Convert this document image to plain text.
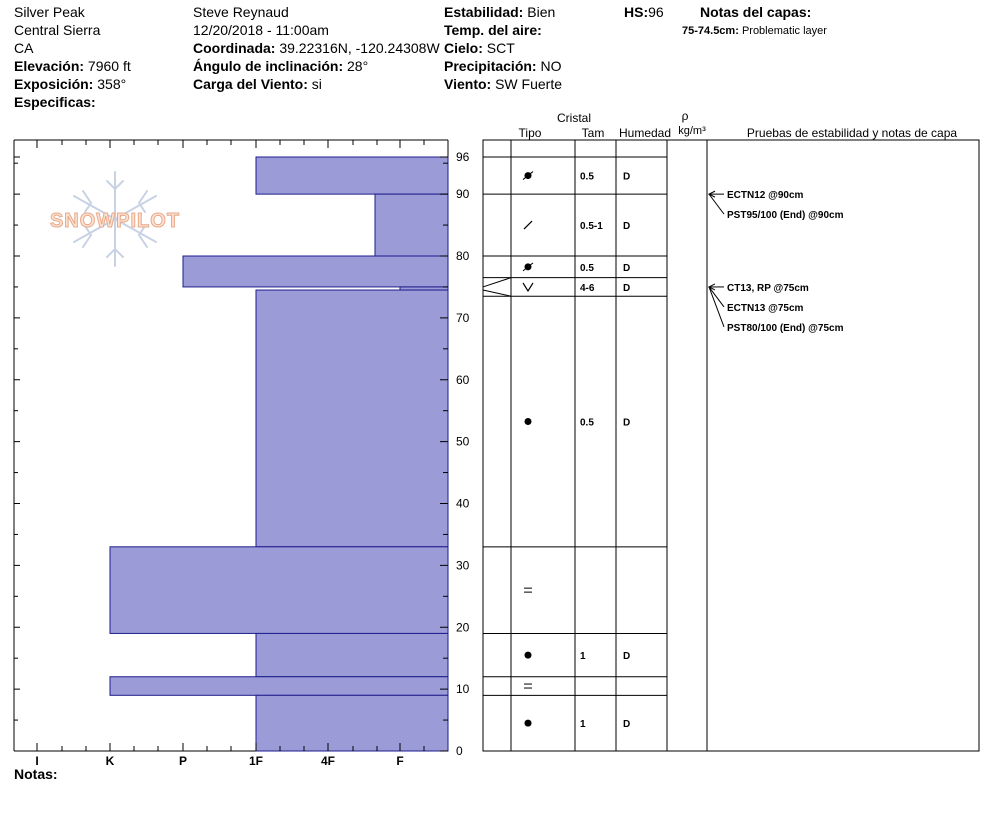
Silver Peak
Central Sierra
CA
Elevación: 7960 ft
Exposición: 358°
Especificas:
Steve Reynaud
12/20/2018 - 11:00am
Coordinada: 39.22316N, -120.24308W
Ángulo de inclinación: 28°
Carga del Viento: si
Estabilidad: Bien
Temp. del aire:
Cielo: SCT
Precipitación: NO
Viento: SW Fuerte
HS:96	Notas del capas:
75-74.5cm: Problematic layer
SNOWPILOT
I	K	P	1F	4F	F
0
10
20
30
40
50
60
70
80
90
96
Cristal
Tipo	Tam Humedad
ρ
kg/m³	Pruebas de estabilidad y notas de capa
0.5	D
0.5-1 D
0.5	D
4-6	D
0.5	D
1	D
1	D
ECTN12 @90cm
PST95/100 (End) @90cm
CT13, RP @75cm
ECTN13 @75cm
PST80/100 (End) @75cm
Notas:
